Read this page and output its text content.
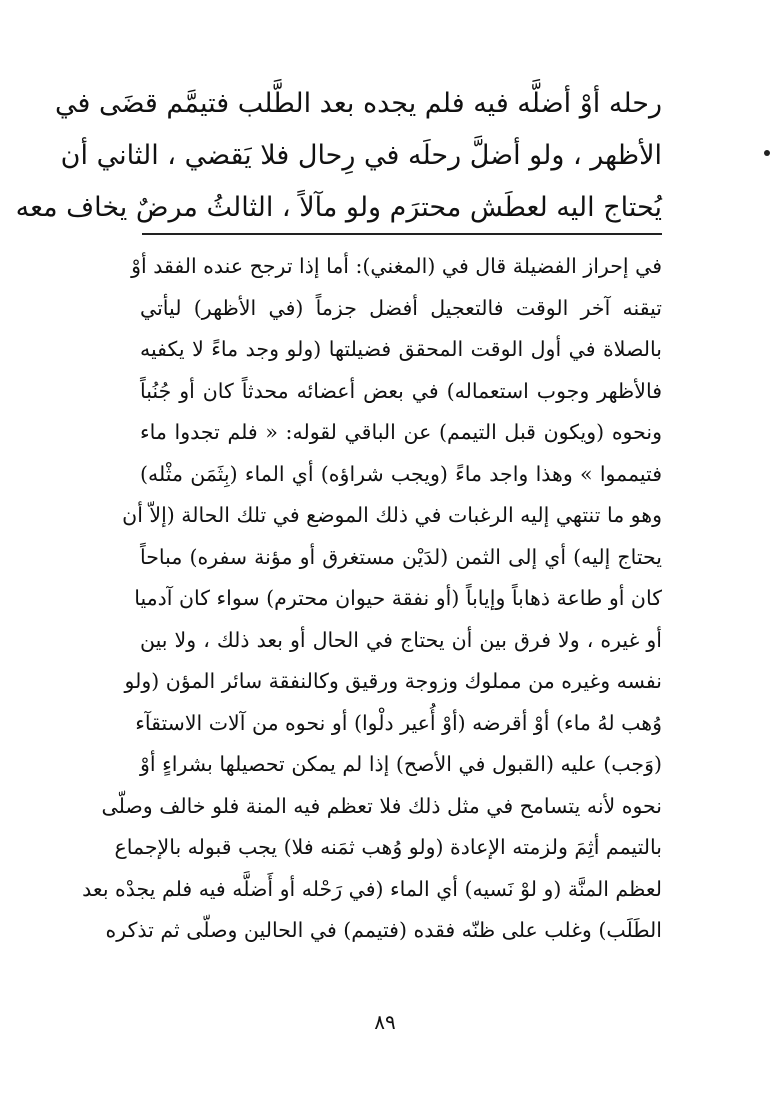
رحله أوْ أضلَّه فيه فلم يجده بعد الطَّلب فتيمَّم قضَى في
الأظهر ، ولو أضلَّ رحلَه في رِحال فلا يَقضي ، الثاني أن
يُحتاج اليه لعطَش محترَم ولو مآلاً ، الثالثُ مرضٌ يخاف معه
في إحراز الفضيلة قال في (المغني): أما إذا ترجح عنده الفقد أوْ
تيقنه آخر الوقت فالتعجيل أفضل جزماً (في الأظهر) ليأتي
بالصلاة في أول الوقت المحقق فضيلتها (ولو وجد ماءً لا يكفيه
فالأظهر وجوب استعماله) في بعض أعضائه محدثاً كان أو جُنُباً
ونحوه (ويكون قبل التيمم) عن الباقي لقوله: « فلم تجدوا ماء
فتيمموا » وهذا واجد ماءً (ويجب شراؤه) أي الماء (بِثَمَن مثْله)
وهو ما تنتهي إليه الرغبات في ذلك الموضع في تلك الحالة (إلاّ أن
يحتاج إليه) أي إلى الثمن (لدَيْن مستغرق أو مؤنة سفره) مباحاً
كان أو طاعة ذهاباً وإياباً (أو نفقة حيوان محترم) سواء كان آدميا
أو غيره ، ولا فرق بين أن يحتاج في الحال أو بعد ذلك ، ولا بين
نفسه وغيره من مملوك وزوجة ورقيق وكالنفقة سائر المؤن (ولو
وُهب لهُ ماء) أوْ أقرضه (أوْ أُعير دلْوا) أو نحوه من آلات الاستقآء
(وَجب) عليه (القبول في الأصح) إذا لم يمكن تحصيلها بشراءٍ أوْ
نحوه لأنه يتسامح في مثل ذلك فلا تعظم فيه المنة فلو خالف وصلّى
بالتيمم أثِمَ ولزمته الإعادة (ولو وُهب ثمَنه فلا) يجب قبوله بالإجماع
لعظم المنَّة (و لوْ نَسيه) أي الماء (في رَحْله أو أَضلَّه فيه فلم يجدْه بعد
الطَلَب) وغلب على ظنّه فقده (فتيمم) في الحالين وصلّى ثم تذكره
٨٩
